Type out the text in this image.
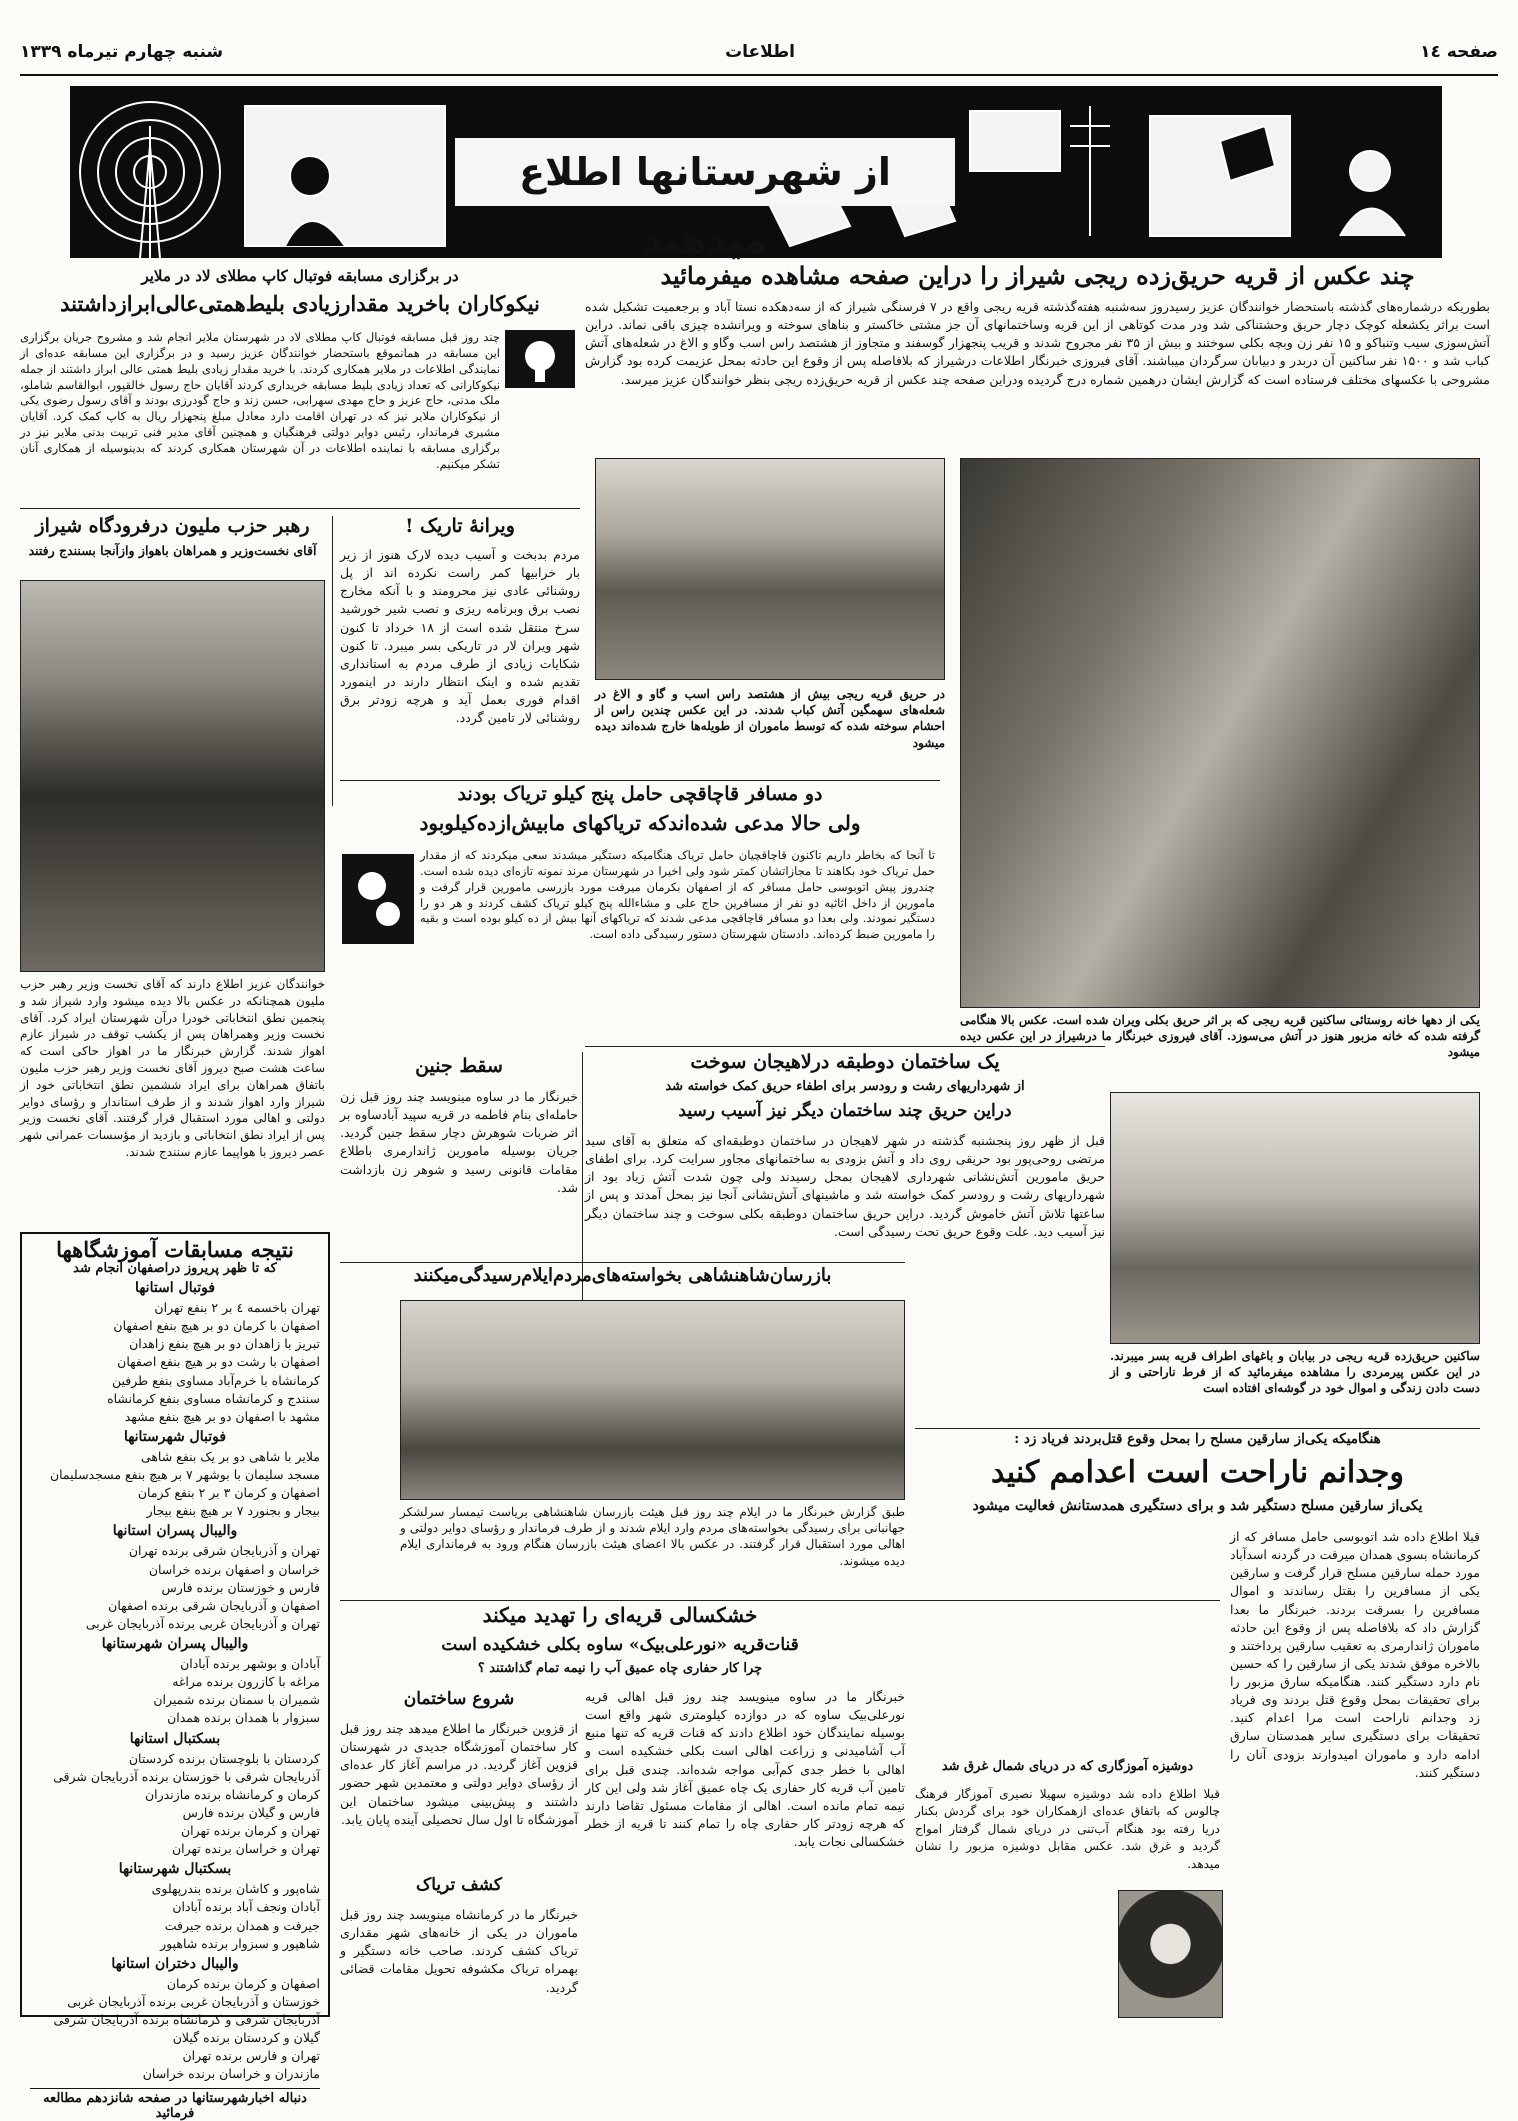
صفحه ١٤
اطلاعات
شنبه چهارم تیرماه ١٣٣٩
از شهرستانها اطلاع میدهند
چند عکس از قریه حریق‌زده ریجی شیراز را دراین صفحه مشاهده میفرمائید
بطوریکه درشماره‌های گذشته باستحضار خوانندگان عزیز رسیدروز سه‌شنبه هفته‌گذشته قریه ریجی واقع در ٧ فرسنگی شیراز که از سه‌دهکده نستا آباد و برجعمیت تشکیل شده است براثر یکشعله کوچک دچار حریق وحشتناکی شد ودر مدت کوتاهی از این قریه وساختمانهای آن جز مشتی خاکستر و بناهای سوخته و ویرانشده چیزی باقی نماند. دراین آتش‌سوزی سیب وتنباکو و ١۵ نفر زن وبچه بکلی سوختند و بیش از ٣۵ نفر مجروح شدند و قریب پنجهزار گوسفند و متجاوز از هشتصد راس اسب وگاو و الاغ در شعله‌های آتش کباب شد و ۱۵۰۰ نفر ساکنین آن دربدر و دبیابان سرگردان میباشند. آقای فیروزی خبرنگار اطلاعات درشیراز که بلافاصله پس از وقوع این حادثه بمحل عزیمت کرده بود گزارش مشروحی با عکسهای مختلف فرستاده است که گزارش ایشان درهمین شماره درج گردیده ودراین صفحه چند عکس از قریه حریق‌زده ریجی بنظر خوانندگان عزیز میرسد.
در حریق قریه ریجی بیش از هشتصد راس اسب و گاو و الاغ در شعله‌های سهمگین آتش کباب شدند. در این عکس چندین راس از احشام سوخته شده که توسط ماموران از طویله‌ها خارج شده‌اند دیده میشود
یکی از دهها خانه روستائی ساکنین قریه ریجی که بر اثر حریق بکلی ویران شده است. عکس بالا هنگامی گرفته شده که خانه مزبور هنوز در آتش می‌سوزد. آقای فیروزی خبرنگار ما درشیراز در این عکس دیده میشود
ساکنین حریق‌زده قریه ریجی در بیابان و باغهای اطراف قریه بسر میبرند. در این عکس پیرمردی را مشاهده میفرمائید که از فرط ناراحتی و از دست دادن زندگی و اموال خود در گوشه‌ای افتاده است
در برگزاری مسابقه فوتبال کاپ مطلای لاد در ملایر
نیکوکاران باخرید مقدارزیادی بلیط‌همتی‌عالی‌ابرازداشتند
چند روز قبل مسابقه فوتبال کاپ مطلای لاد در شهرستان ملایر انجام شد و مشروح جریان برگزاری این مسابقه در همانموقع باستحضار خوانندگان عزیز رسید و در برگزاری این مسابقه عده‌ای از نمایندگی اطلاعات در ملایر همکاری کردند. با خرید مقدار زیادی بلیط همتی عالی ابراز داشتند از جمله نیکوکارانی که تعداد زیادی بلیط مسابقه خریداری کردند آقایان حاج رسول خالقپور، ابوالقاسم شاملو، ملک مدنی، حاج عزیز و حاج مهدی سهرابی، حسن زند و حاج گودرزی بودند و آقای رسول رضوی یکی از نیکوکاران ملایر نیز که در تهران اقامت دارد معادل مبلغ پنجهزار ریال به کاپ کمک کرد. آقایان مشیری فرماندار، رئیس دوایر دولتی فرهنگیان و همچنین آقای مدیر فنی تربیت بدنی ملایر نیز در برگزاری مسابقه با نماینده اطلاعات در آن شهرستان همکاری کردند که بدینوسیله از همکاری آنان تشکر میکنیم.
رهبر حزب ملیون درفرودگاه شیراز
آقای نخست‌وزیر و همراهان باهواز وازآنجا بسنندج رفتند
خوانندگان عزیز اطلاع دارند که آقای نخست وزیر رهبر حزب ملیون همچنانکه در عکس بالا دیده میشود وارد شیراز شد و پنجمین نطق انتخاباتی خودرا درآن شهرستان ایراد کرد. آقای نخست وزیر وهمراهان پس از یکشب توقف در شیراز عازم اهواز شدند. گزارش خبرنگار ما در اهواز حاکی است که ساعت هشت صبح دیروز آقای نخست وزیر رهبر حزب ملیون باتفاق همراهان برای ایراد ششمین نطق انتخاباتی خود از شیراز وارد اهواز شدند و از طرف استاندار و رؤسای دوایر دولتی و اهالی مورد استقبال قرار گرفتند. آقای نخست وزیر پس از ایراد نطق انتخاباتی و بازدید از مؤسسات عمرانی شهر عصر دیروز با هواپیما عازم سنندج شدند.
ویرانهٔ تاریک !
مردم بدبخت و آسیب دیده لارک هنوز از زیر بار خرابیها کمر راست نکرده اند از پل روشنائی عادی نیز محرومند و با آنکه مخارج نصب برق وبرنامه ریزی و نصب شیر خورشید سرخ منتقل شده است از ١٨ خرداد تا کنون شهر ویران لار در تاریکی بسر میبرد. تا کنون شکایات زیادی از طرف مردم به استانداری تقدیم شده و اینک انتظار دارند در اینمورد اقدام فوری بعمل آید و هرچه زودتر برق روشنائی لار تامین گردد.
دو مسافر قاچاقچی حامل پنج کیلو تریاک بودند
ولی حالا مدعی شده‌اندکه تریاکهای مابیش‌ازده‌کیلوبود
تا آنجا که بخاطر داریم تاکنون قاچاقچیان حامل تریاک هنگامیکه دستگیر میشدند سعی میکردند که از مقدار حمل تریاک خود بکاهند تا مجازاتشان کمتر شود ولی اخیرا در شهرستان مرند نمونه تازه‌ای دیده شده است. چندروز پیش اتوبوسی حامل مسافر که از اصفهان بکرمان میرفت مورد بازرسی مامورین قرار گرفت و مامورین از داخل اثاثیه دو نفر از مسافرین حاج علی و مشاءالله پنج کیلو تریاک کشف کردند و هر دو را دستگیر نمودند. ولی بعدا دو مسافر قاچاقچی مدعی شدند که تریاکهای آنها بیش از ده کیلو بوده است و بقیه را مامورین ضبط کرده‌اند. دادستان شهرستان دستور رسیدگی داده است.
یک ساختمان دوطبقه درلاهیجان سوخت
از شهرداریهای رشت و رودسر برای اطفاء حریق کمک خواسته شد
دراین حریق چند ساختمان دیگر نیز آسیب رسید
قبل از ظهر روز پنجشنبه گذشته در شهر لاهیجان در ساختمان دوطبقه‌ای که متعلق به آقای سید مرتضی روحی‌پور بود حریقی روی داد و آتش بزودی به ساختمانهای مجاور سرایت کرد. برای اطفای حریق مامورین آتش‌نشانی شهرداری لاهیجان بمحل رسیدند ولی چون شدت آتش زیاد بود از شهرداریهای رشت و رودسر کمک خواسته شد و ماشینهای آتش‌نشانی آنجا نیز بمحل آمدند و پس از ساعتها تلاش آتش خاموش گردید. دراین حریق ساختمان دوطبقه بکلی سوخت و چند ساختمان دیگر نیز آسیب دید. علت وقوع حریق تحت رسیدگی است.
سقط جنین
خبرنگار ما در ساوه مینویسد چند روز قبل زن حامله‌ای بنام فاطمه در قریه سپید آبادساوه بر اثر ضربات شوهرش دچار سقط جنین گردید. جریان بوسیله مامورین ژاندارمری باطلاع مقامات قانونی رسید و شوهر زن بازداشت شد.
بازرسان‌شاهنشاهی بخواسته‌های‌مردم‌ایلام‌رسیدگی‌میکنند
طبق گزارش خبرنگار ما در ایلام چند روز قبل هیئت بازرسان شاهنشاهی بریاست تیمسار سرلشکر جهانبانی برای رسیدگی بخواسته‌های مردم وارد ایلام شدند و از طرف فرماندار و رؤسای دوایر دولتی و اهالی مورد استقبال قرار گرفتند. در عکس بالا اعضای هیئت بازرسان هنگام ورود به فرمانداری ایلام دیده میشوند.
هنگامیکه یکی‌از سارقین مسلح را بمحل وقوع قتل‌بردند فریاد زد :
وجدانم ناراحت است اعدامم کنید
یکی‌از سارقین مسلح دستگیر شد و برای دستگیری همدستانش فعالیت میشود
قبلا اطلاع داده شد اتوبوسی حامل مسافر که از کرمانشاه بسوی همدان میرفت در گردنه اسدآباد مورد حمله سارقین مسلح قرار گرفت و سارقین یکی از مسافرین را بقتل رساندند و اموال مسافرین را بسرقت بردند. خبرنگار ما بعدا گزارش داد که بلافاصله پس از وقوع این حادثه ماموران ژاندارمری به تعقیب سارقین پرداختند و بالاخره موفق شدند یکی از سارقین را که حسین نام دارد دستگیر کنند. هنگامیکه سارق مزبور را برای تحقیقات بمحل وقوع قتل بردند وی فریاد زد وجدانم ناراحت است مرا اعدام کنید. تحقیقات برای دستگیری سایر همدستان سارق ادامه دارد و ماموران امیدوارند بزودی آنان را دستگیر کنند.
دوشیزه آموزگاری که در دریای شمال غرق شد
قبلا اطلاع داده شد دوشیزه سهیلا نصیری آموزگار فرهنگ چالوس که باتفاق عده‌ای ازهمکاران خود برای گردش بکنار دریا رفته بود هنگام آب‌تنی در دریای شمال گرفتار امواج گردید و غرق شد. عکس مقابل دوشیزه مزبور را نشان میدهد.
خشکسالی قریه‌ای را تهدید میکند
قنات‌قریه «نورعلی‌بیک» ساوه بکلی خشکیده است
چرا کار حفاری چاه عمیق آب را نیمه تمام گذاشتند ؟
خبرنگار ما در ساوه مینویسد چند روز قبل اهالی قریه نورعلی‌بیک ساوه که در دوازده کیلومتری شهر واقع است بوسیله نمایندگان خود اطلاع دادند که قنات قریه که تنها منبع آب آشامیدنی و زراعت اهالی است بکلی خشکیده است و اهالی با خطر جدی کم‌آبی مواجه شده‌اند. چندی قبل برای تامین آب قریه کار حفاری یک چاه عمیق آغاز شد ولی این کار نیمه تمام مانده است. اهالی از مقامات مسئول تقاضا دارند که هرچه زودتر کار حفاری چاه را تمام کنند تا قریه از خطر خشکسالی نجات یابد.
شروع ساختمان
از قزوین خبرنگار ما اطلاع میدهد چند روز قبل کار ساختمان آموزشگاه جدیدی در شهرستان قزوین آغاز گردید. در مراسم آغاز کار عده‌ای از رؤسای دوایر دولتی و معتمدین شهر حضور داشتند و پیش‌بینی میشود ساختمان این آموزشگاه تا اول سال تحصیلی آینده پایان یابد.
کشف تریاک
خبرنگار ما در کرمانشاه مینویسد چند روز قبل ماموران در یکی از خانه‌های شهر مقداری تریاک کشف کردند. صاحب خانه دستگیر و بهمراه تریاک مکشوفه تحویل مقامات قضائی گردید.
نتیجه مسابقات آموزشگاهها
که تا ظهر پریروز دراصفهان انجام شد
فوتبال استانها
تهران باخسمه ٤ بر ٢ بنفع تهران
اصفهان با کرمان دو بر هیچ بنفع اصفهان
تبریز با زاهدان دو بر هیچ بنفع زاهدان
اصفهان با رشت دو بر هیچ بنفع اصفهان
کرمانشاه با خرم‌آباد مساوی بنفع طرفین
سنندج و کرمانشاه مساوی بنفع کرمانشاه
مشهد با اصفهان دو بر هیچ بنفع مشهد
فوتبال شهرستانها
ملایر با شاهی دو بر یک بنفع شاهی
مسجد سلیمان با بوشهر ٧ بر هیچ بنفع مسجدسلیمان
اصفهان و کرمان ٣ بر ٢ بنفع کرمان
بیجار و بجنورد ٧ بر هیچ بنفع بیجار
والیبال پسران استانها
تهران و آذربایجان شرقی برنده تهران
خراسان و اصفهان برنده خراسان
فارس و خوزستان برنده فارس
اصفهان و آذربایجان شرقی برنده اصفهان
تهران و آذربایجان غربی برنده آذربایجان غربی
والیبال پسران شهرستانها
آبادان و بوشهر برنده آبادان
مراغه با کازرون برنده مراغه
شمیران با سمنان برنده شمیران
سبزوار با همدان برنده همدان
بسکتبال استانها
کردستان با بلوچستان برنده کردستان
آذربایجان شرقی با خوزستان برنده آذربایجان شرقی
کرمان و کرمانشاه برنده مازندران
فارس و گیلان برنده فارس
تهران و کرمان برنده تهران
تهران و خراسان برنده تهران
بسکتبال شهرستانها
شاه‌پور و کاشان برنده بندرپهلوی
آبادان ونجف آباد برنده آبادان
جیرفت و همدان برنده جیرفت
شاهپور و سبزوار برنده شاهپور
والیبال دختران استانها
اصفهان و کرمان برنده کرمان
خوزستان و آذربایجان غربی برنده آذربایجان غربی
آذربایجان شرقی و کرمانشاه برنده آذربایجان شرقی
گیلان و کردستان برنده گیلان
تهران و فارس برنده تهران
مازندران و خراسان برنده خراسان
دنباله اخبارشهرستانها در صفحه شانزدهم مطالعه فرمائید
